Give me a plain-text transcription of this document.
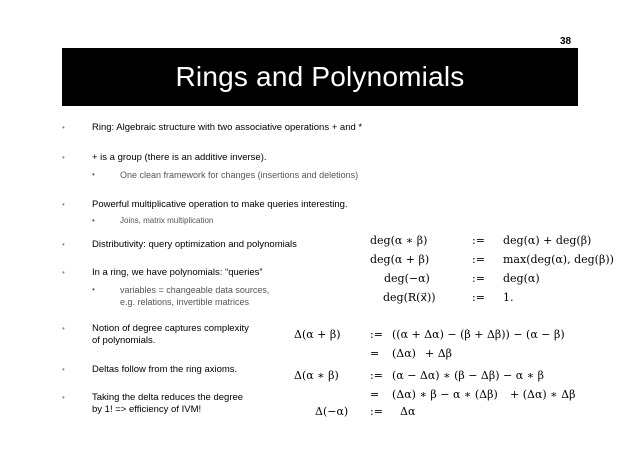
38
Rings and Polynomials
•	Ring: Algebraic structure with two associative operations + and *
•	+ is a group (there is an additive inverse).
•	One clean framework for changes (insertions and deletions)
•	Powerful multiplicative operation to make queries interesting.
•	Joins, matrix multiplication
•	Distributivity: query optimization and polynomials
•	In a ring, we have polynomials: “queries”
•	variables = changeable data sources,
e.g. relations, invertible matrices
•	Notion of degree captures complexity
of polynomials.
•	Deltas follow from the ring axioms.
•	Taking the delta reduces the degree
by 1! => efficiency of IVM!
deg(α ∗ β)	:= deg(α) + deg(β)
deg(α + β)	:= max(deg(α), deg(β))
deg(−α)	:= deg(α)
deg(R(x⃗))	:= 1.
Δ(α + β)	:= ((α + Δα) − (β + Δβ)) − (α − β)
= (Δα) + Δβ
Δ(α ∗ β)	:= (α − Δα) ∗ (β − Δβ) − α ∗ β
= (Δα) ∗ β − α ∗ (Δβ) + (Δα) ∗ Δβ
Δ(−α) := Δα
